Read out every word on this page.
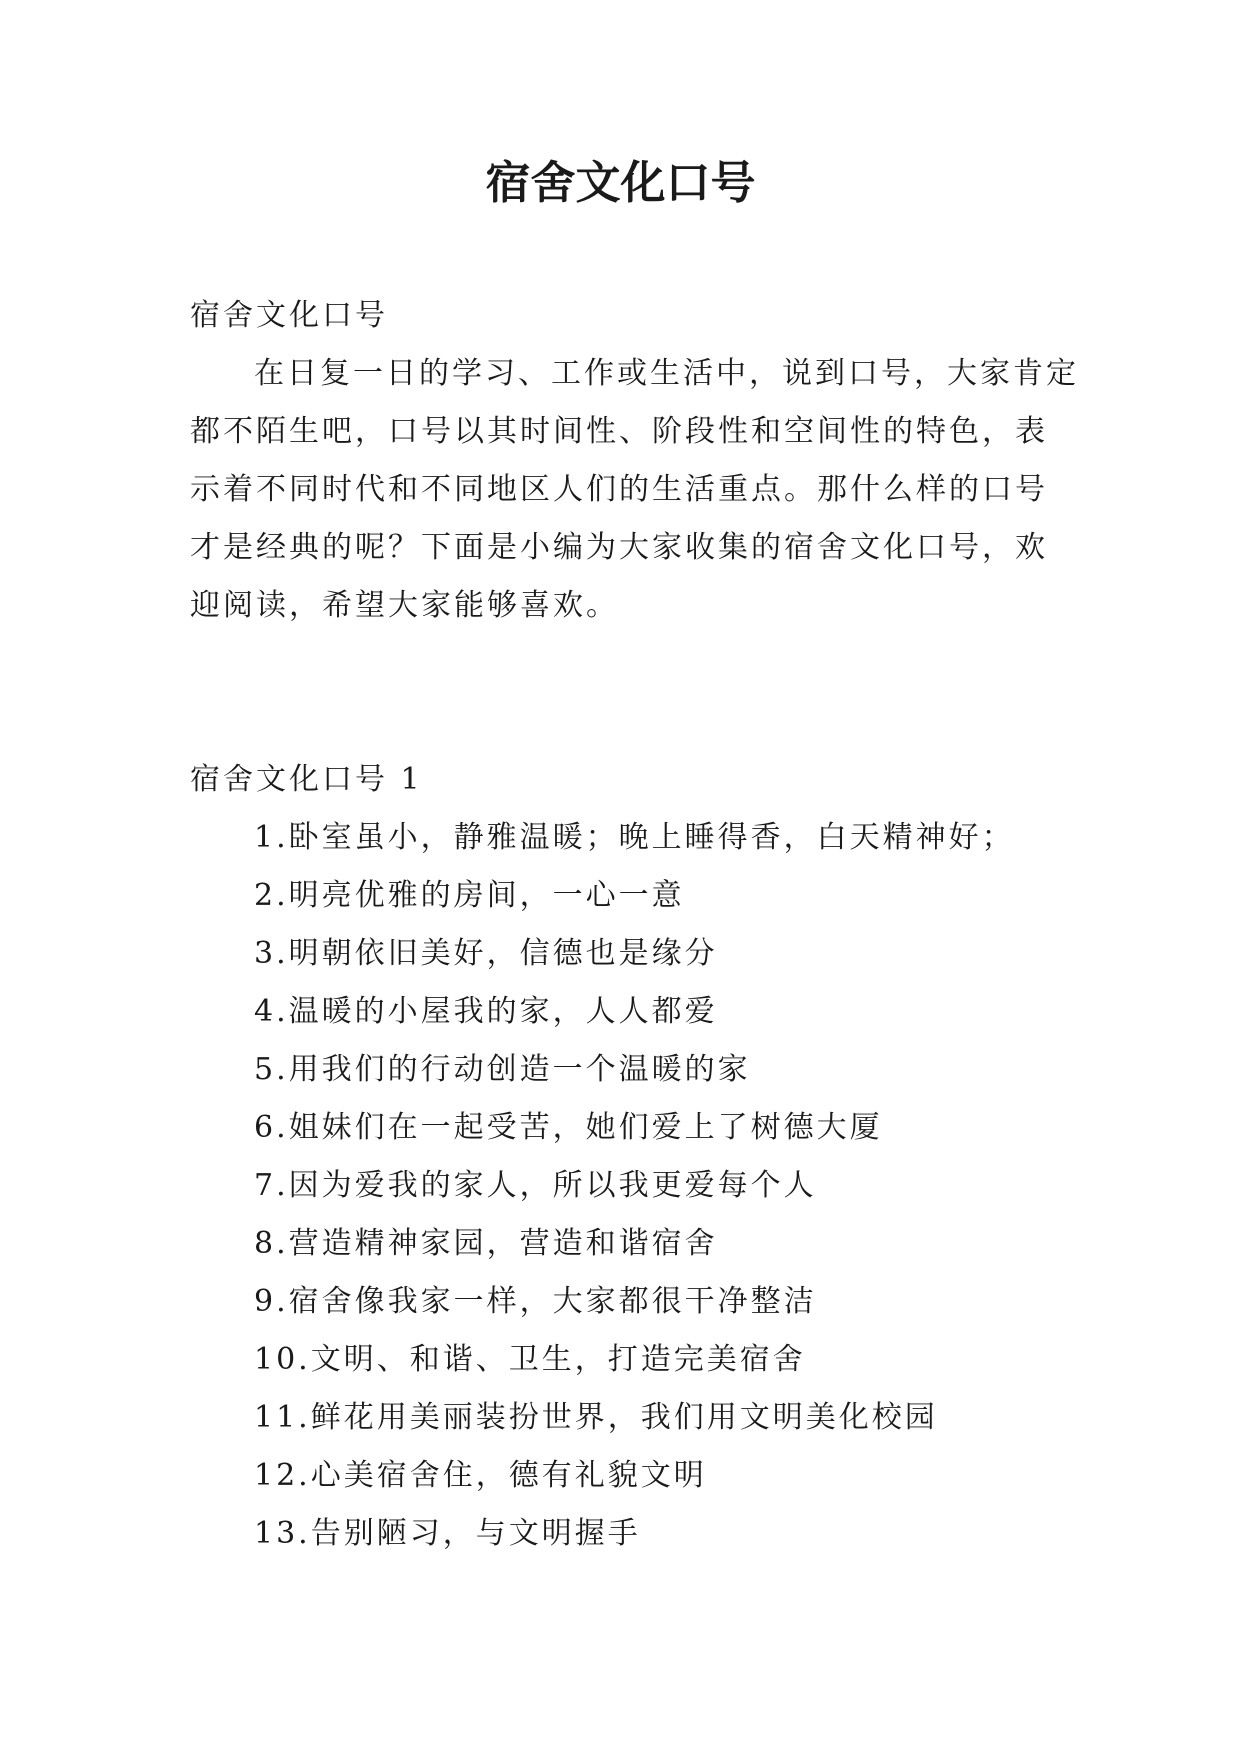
宿舍文化口号

宿舍文化口号

在日复一日的学习、工作或生活中，说到口号，大家肯定都不陌生吧，口号以其时间性、阶段性和空间性的特色，表示着不同时代和不同地区人们的生活重点。那什么样的口号才是经典的呢？下面是小编为大家收集的宿舍文化口号，欢迎阅读，希望大家能够喜欢。

宿舍文化口号 1

1.卧室虽小，静雅温暖；晚上睡得香，白天精神好；

2.明亮优雅的房间，一心一意

3.明朝依旧美好，信德也是缘分

4.温暖的小屋我的家，人人都爱

5.用我们的行动创造一个温暖的家

6.姐妹们在一起受苦，她们爱上了树德大厦

7.因为爱我的家人，所以我更爱每个人

8.营造精神家园，营造和谐宿舍

9.宿舍像我家一样，大家都很干净整洁

10.文明、和谐、卫生，打造完美宿舍

11.鲜花用美丽装扮世界，我们用文明美化校园

12.心美宿舍住，德有礼貌文明

13.告别陋习，与文明握手
